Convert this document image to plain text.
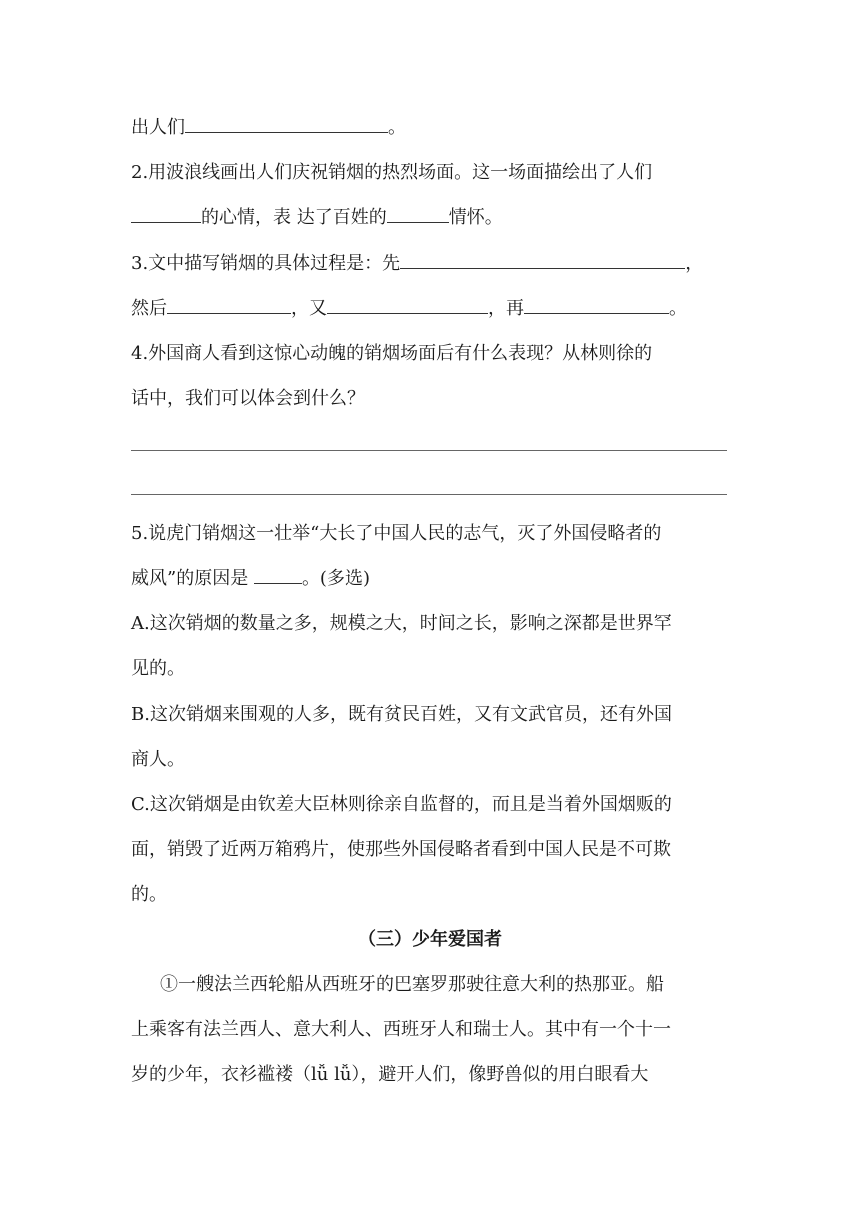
出人们	。
2.用波浪线画出人们庆祝销烟的热烈场面。这一场面描绘出了人们
的心情，表 达了百姓的	情怀。
3.文中描写销烟的具体过程是：先	，
然后	，又	，再	。
4.外国商人看到这惊心动魄的销烟场面后有什么表现？从林则徐的
话中，我们可以体会到什么？
5.说虎门销烟这一壮举“大长了中国人民的志气，灭了外国侵略者的
威风”的原因是	。(多选)
A.这次销烟的数量之多，规模之大，时间之长，影响之深都是世界罕
见的。
B.这次销烟来围观的人多，既有贫民百姓，又有文武官员，还有外国
商人。
C.这次销烟是由钦差大臣林则徐亲自监督的，而且是当着外国烟贩的
面，销毁了近两万箱鸦片，使那些外国侵略者看到中国人民是不可欺
的。
（三）少年爱国者
①一艘法兰西轮船从西班牙的巴塞罗那驶往意大利的热那亚。船
上乘客有法兰西人、意大利人、西班牙人和瑞士人。其中有一个十一
岁的少年，衣衫褴褛（lǚ lǚ），避开人们，像野兽似的用白眼看大
